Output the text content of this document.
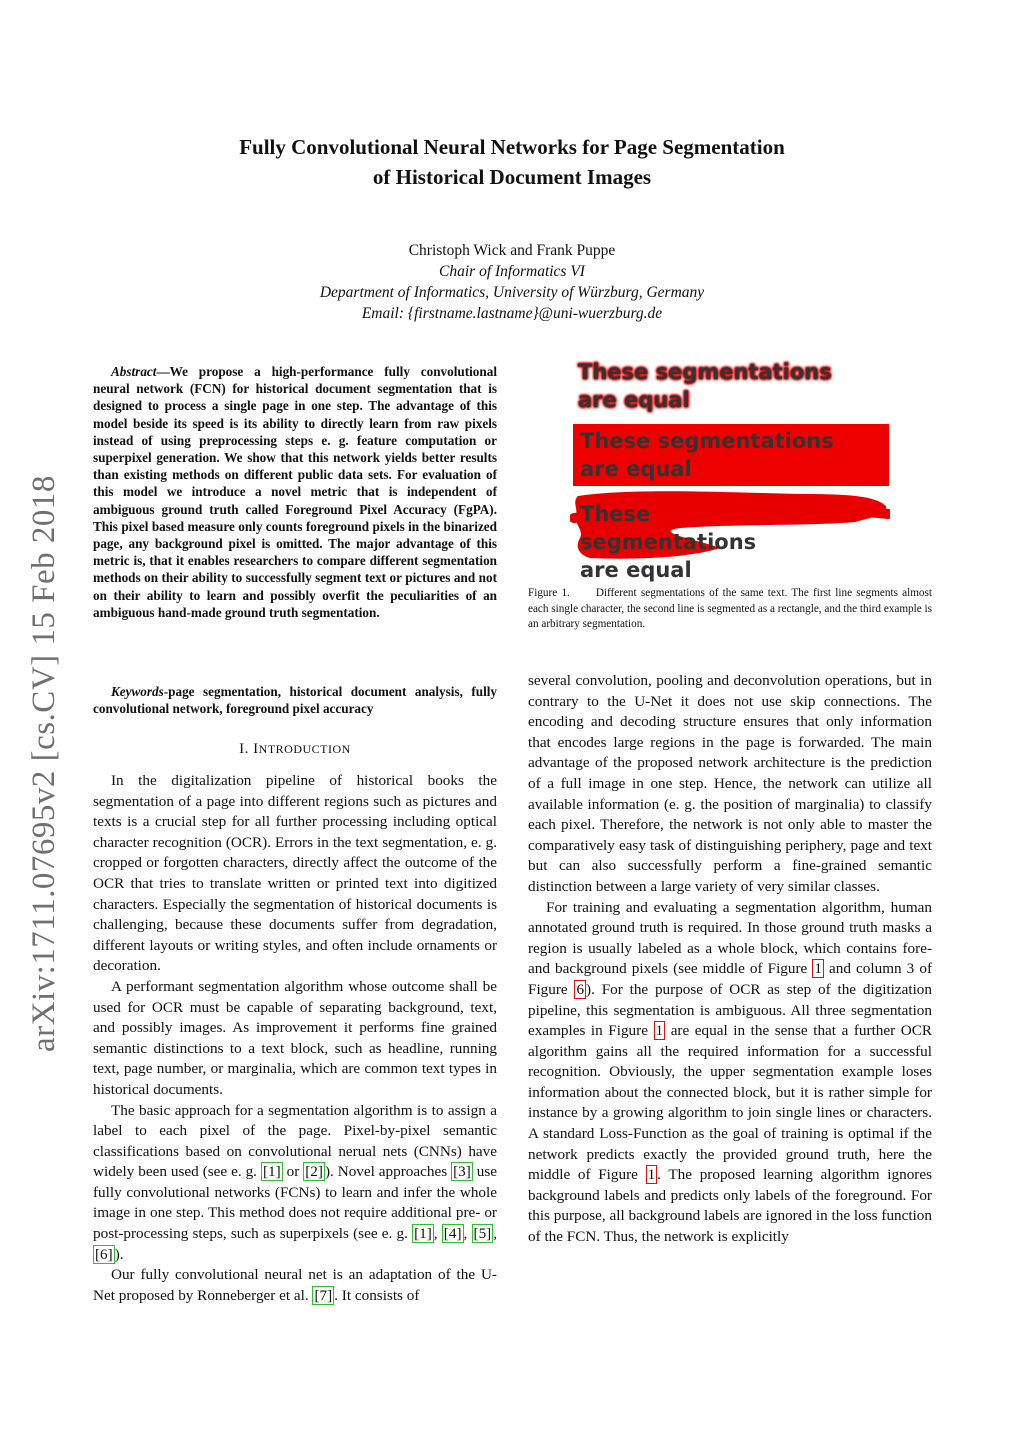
arXiv:1711.07695v2 [cs.CV] 15 Feb 2018
Fully Convolutional Neural Networks for Page Segmentation
of Historical Document Images
Christoph Wick and Frank Puppe
Chair of Informatics VI
Department of Informatics, University of Würzburg, Germany
Email: {firstname.lastname}@uni-wuerzburg.de

Abstract—We propose a high-performance fully convolutional neural network (FCN) for historical document segmentation that is designed to process a single page in one step. The advantage of this model beside its speed is its ability to directly learn from raw pixels instead of using preprocessing steps e. g. feature computation or superpixel generation. We show that this network yields better results than existing methods on different public data sets. For evaluation of this model we introduce a novel metric that is independent of ambiguous ground truth called Foreground Pixel Accuracy (FgPA). This pixel based measure only counts foreground pixels in the binarized page, any background pixel is omitted. The major advantage of this metric is, that it enables researchers to compare different segmentation methods on their ability to successfully segment text or pictures and not on their ability to learn and possibly overfit the peculiarities of an ambiguous hand-made ground truth segmentation.

Keywords-page segmentation, historical document analysis, fully convolutional network, foreground pixel accuracy
I. INTRODUCTION

In the digitalization pipeline of historical books the segmentation of a page into different regions such as pictures and texts is a crucial step for all further processing including optical character recognition (OCR). Errors in the text segmentation, e. g. cropped or forgotten characters, directly affect the outcome of the OCR that tries to translate written or printed text into digitized characters. Especially the segmentation of historical documents is challenging, because these documents suffer from degradation, different layouts or writing styles, and often include ornaments or decoration.

A performant segmentation algorithm whose outcome shall be used for OCR must be capable of separating background, text, and possibly images. As improvement it performs fine grained semantic distinctions to a text block, such as headline, running text, page number, or marginalia, which are common text types in historical documents.

The basic approach for a segmentation algorithm is to assign a label to each pixel of the page. Pixel-by-pixel semantic classifications based on convolutional nerual nets (CNNs) have widely been used (see e. g. [1] or [2] ). Novel approaches [3] use fully convolutional networks (FCNs) to learn and infer the whole image in one step. This method does not require additional pre- or post-processing steps, such as superpixels (see e. g. [1] , [4] , [5] , [6] ).

Our fully convolutional neural net is an adaptation of the U-Net proposed by Ronneberger et al. [7] . It consists of

These segmentations
are equal
These segmentations
are equal
These segmentations
are equal
Figure 1. Different segmentations of the same text. The first line segments almost each single character, the second line is segmented as a rectangle, and the third example is an arbitrary segmentation.

several convolution, pooling and deconvolution operations, but in contrary to the U-Net it does not use skip connections. The encoding and decoding structure ensures that only information that encodes large regions in the page is forwarded. The main advantage of the proposed network architecture is the prediction of a full image in one step. Hence, the network can utilize all available information (e. g. the position of marginalia) to classify each pixel. Therefore, the network is not only able to master the comparatively easy task of distinguishing periphery, page and text but can also successfully perform a fine-grained semantic distinction between a large variety of very similar classes.

For training and evaluating a segmentation algorithm, human annotated ground truth is required. In those ground truth masks a region is usually labeled as a whole block, which contains fore- and background pixels (see middle of Figure 1 and column 3 of Figure 6 ). For the purpose of OCR as step of the digitization pipeline, this segmentation is ambiguous. All three segmentation examples in Figure 1 are equal in the sense that a further OCR algorithm gains all the required information for a successful recognition. Obviously, the upper segmentation example loses information about the connected block, but it is rather simple for instance by a growing algorithm to join single lines or characters. A standard Loss-Function as the goal of training is optimal if the network predicts exactly the provided ground truth, here the middle of Figure 1 . The proposed learning algorithm ignores background labels and predicts only labels of the foreground. For this purpose, all background labels are ignored in the loss function of the FCN. Thus, the network is explicitly
